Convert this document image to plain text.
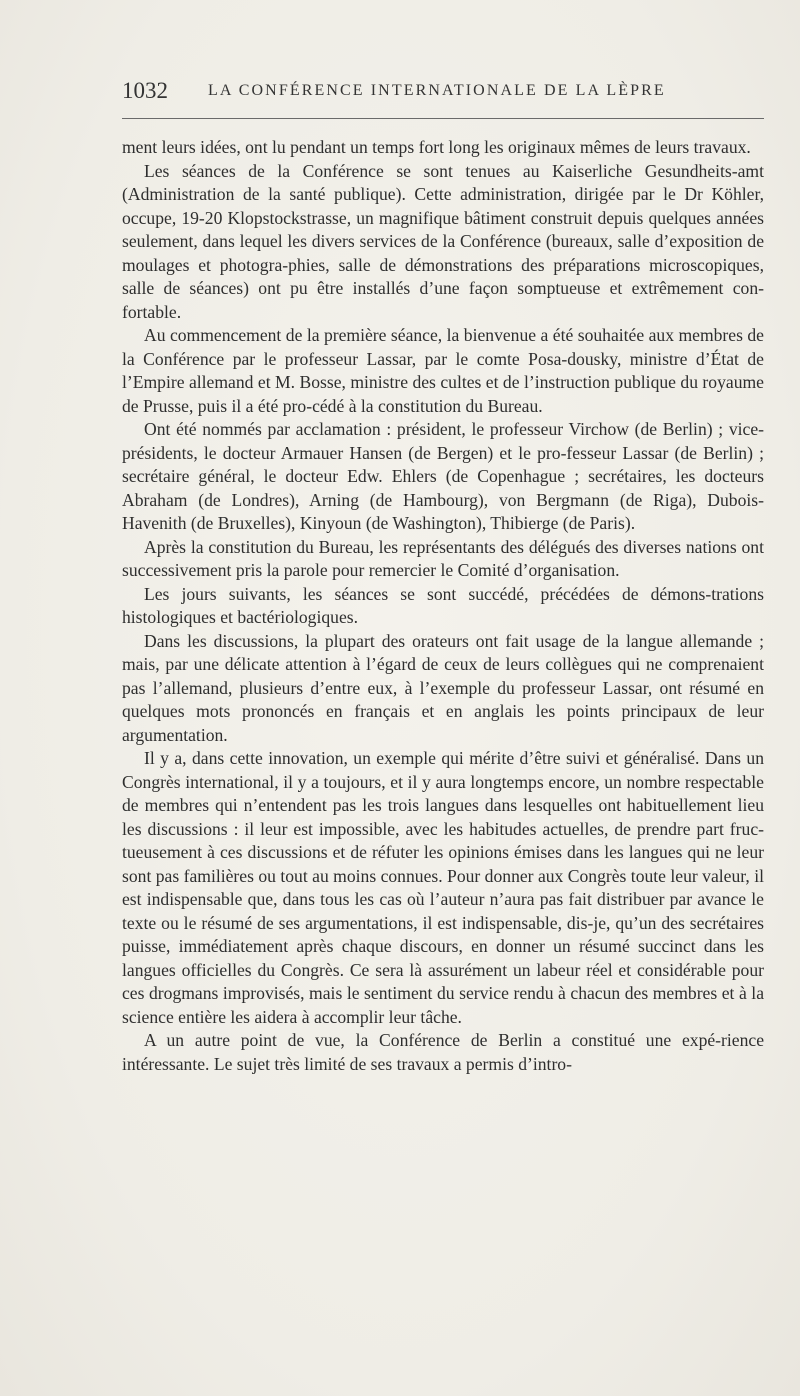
1032	LA CONFÉRENCE INTERNATIONALE DE LA LÈPRE

ment leurs idées, ont lu pendant un temps fort long les originaux mêmes de leurs travaux.

Les séances de la Conférence se sont tenues au Kaiserliche Gesundheits-amt (Administration de la santé publique). Cette administration, dirigée par le Dr Köhler, occupe, 19-20 Klopstockstrasse, un magnifique bâtiment construit depuis quelques années seulement, dans lequel les divers services de la Conférence (bureaux, salle d’exposition de moulages et photogra-phies, salle de démonstrations des préparations microscopiques, salle de séances) ont pu être installés d’une façon somptueuse et extrêmement con-fortable.

Au commencement de la première séance, la bienvenue a été souhaitée aux membres de la Conférence par le professeur Lassar, par le comte Posa-dousky, ministre d’État de l’Empire allemand et M. Bosse, ministre des cultes et de l’instruction publique du royaume de Prusse, puis il a été pro-cédé à la constitution du Bureau.

Ont été nommés par acclamation : président, le professeur Virchow (de Berlin) ; vice-présidents, le docteur Armauer Hansen (de Bergen) et le pro-fesseur Lassar (de Berlin) ; secrétaire général, le docteur Edw. Ehlers (de Copenhague ; secrétaires, les docteurs Abraham (de Londres), Arning (de Hambourg), von Bergmann (de Riga), Dubois-Havenith (de Bruxelles), Kinyoun (de Washington), Thibierge (de Paris).

Après la constitution du Bureau, les représentants des délégués des diverses nations ont successivement pris la parole pour remercier le Comité d’organisation.

Les jours suivants, les séances se sont succédé, précédées de démons-trations histologiques et bactériologiques.

Dans les discussions, la plupart des orateurs ont fait usage de la langue allemande ; mais, par une délicate attention à l’égard de ceux de leurs collègues qui ne comprenaient pas l’allemand, plusieurs d’entre eux, à l’exemple du professeur Lassar, ont résumé en quelques mots prononcés en français et en anglais les points principaux de leur argumentation.

Il y a, dans cette innovation, un exemple qui mérite d’être suivi et généralisé. Dans un Congrès international, il y a toujours, et il y aura longtemps encore, un nombre respectable de membres qui n’entendent pas les trois langues dans lesquelles ont habituellement lieu les discussions : il leur est impossible, avec les habitudes actuelles, de prendre part fruc-tueusement à ces discussions et de réfuter les opinions émises dans les langues qui ne leur sont pas familières ou tout au moins connues. Pour donner aux Congrès toute leur valeur, il est indispensable que, dans tous les cas où l’auteur n’aura pas fait distribuer par avance le texte ou le résumé de ses argumentations, il est indispensable, dis-je, qu’un des secrétaires puisse, immédiatement après chaque discours, en donner un résumé succinct dans les langues officielles du Congrès. Ce sera là assurément un labeur réel et considérable pour ces drogmans improvisés, mais le sentiment du service rendu à chacun des membres et à la science entière les aidera à accomplir leur tâche.

A un autre point de vue, la Conférence de Berlin a constitué une expé-rience intéressante. Le sujet très limité de ses travaux a permis d’intro-
